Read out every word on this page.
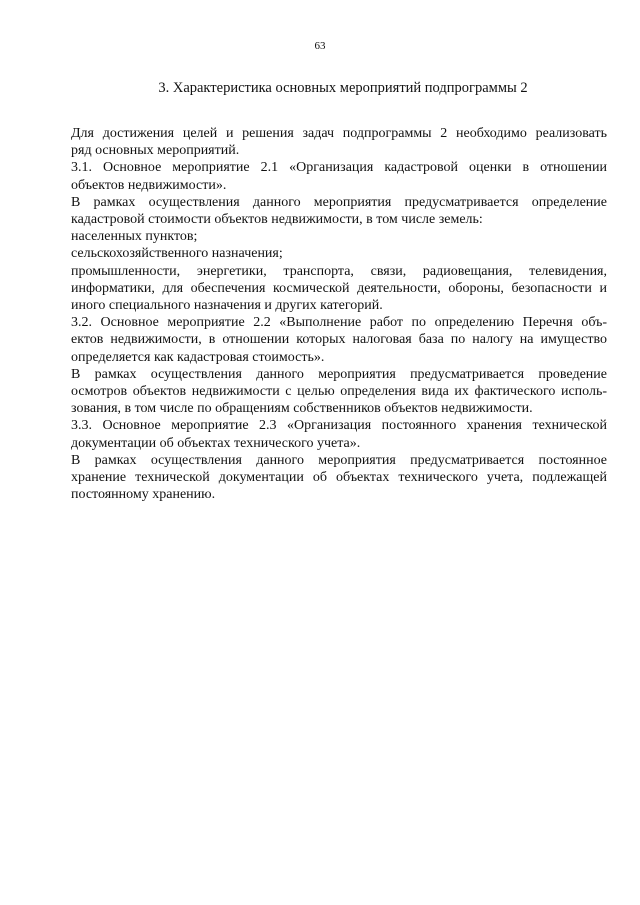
63
3. Характеристика основных мероприятий подпрограммы 2
Для достижения целей и решения задач подпрограммы 2 необходимо реализовать
ряд основных мероприятий.
3.1. Основное мероприятие 2.1 «Организация кадастровой оценки в отношении
объектов недвижимости».
В рамках осуществления данного мероприятия предусматривается определение
кадастровой стоимости объектов недвижимости, в том числе земель:
населенных пунктов;
сельскохозяйственного назначения;
промышленности, энергетики, транспорта, связи, радиовещания, телевидения,
информатики, для обеспечения космической деятельности, обороны, безопасности и
иного специального назначения и других категорий.
3.2. Основное мероприятие 2.2 «Выполнение работ по определению Перечня объ-
ектов недвижимости, в отношении которых налоговая база по налогу на имущество
определяется как кадастровая стоимость».
В рамках осуществления данного мероприятия предусматривается проведение
осмотров объектов недвижимости с целью определения вида их фактического исполь-
зования, в том числе по обращениям собственников объектов недвижимости.
3.3. Основное мероприятие 2.3 «Организация постоянного хранения технической
документации об объектах технического учета».
В рамках осуществления данного мероприятия предусматривается постоянное
хранение технической документации об объектах технического учета, подлежащей
постоянному хранению.
